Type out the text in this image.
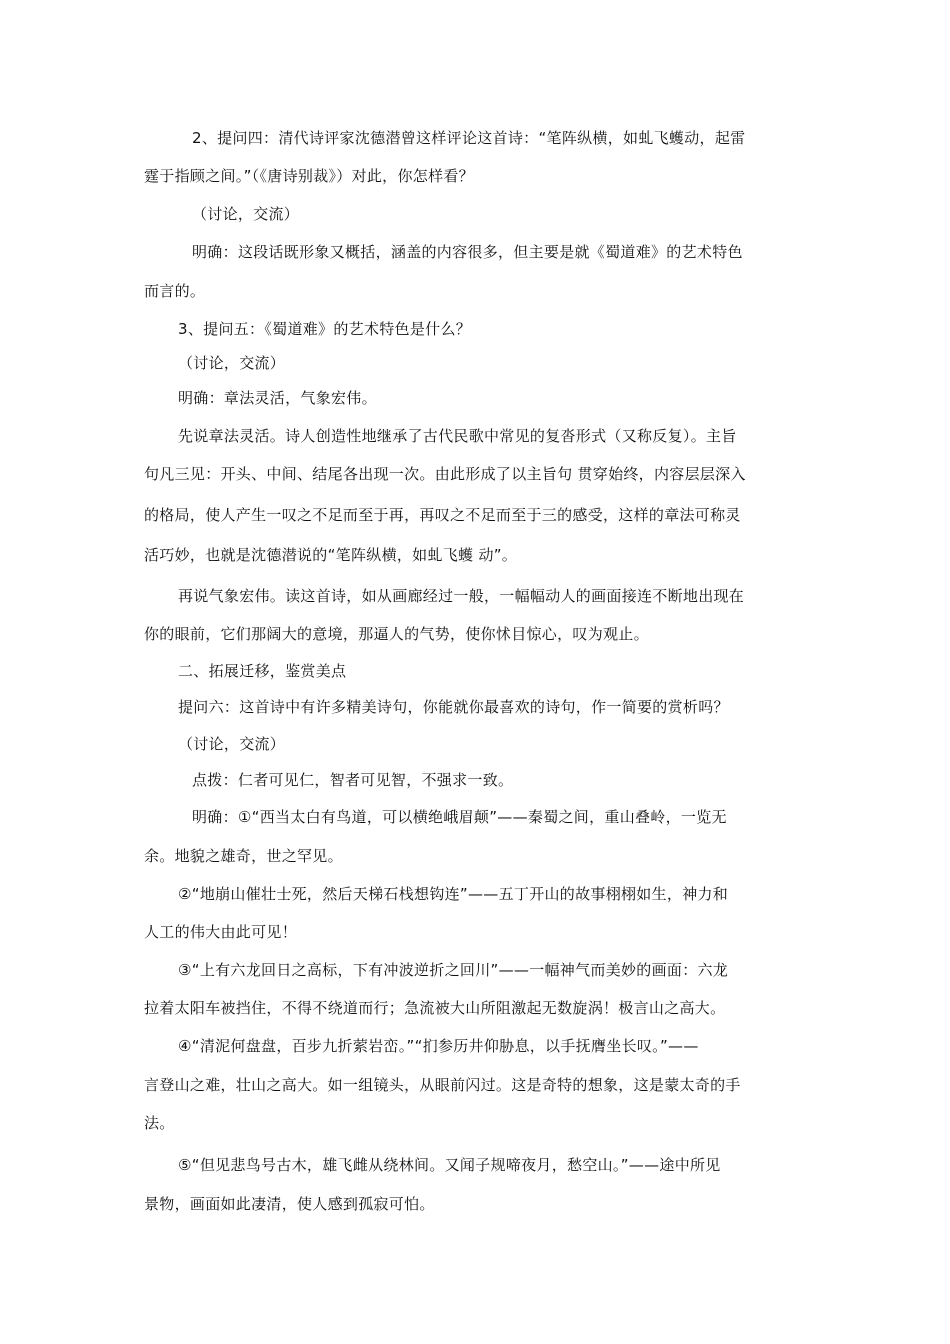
2、提问四：清代诗评家沈德潜曾这样评论这首诗：“笔阵纵横，如虬飞蠖动，起雷
霆于指顾之间。”（《唐诗别裁》）对此，你怎样看？
（讨论，交流）
明确：这段话既形象又概括，涵盖的内容很多，但主要是就《蜀道难》的艺术特色
而言的。
3、提问五：《蜀道难》的艺术特色是什么？
（讨论，交流）
明确：章法灵活，气象宏伟。
先说章法灵活。诗人创造性地继承了古代民歌中常见的复沓形式（又称反复）。主旨
句凡三见：开头、中间、结尾各出现一次。由此形成了以主旨句 贯穿始终，内容层层深入
的格局，使人产生一叹之不足而至于再，再叹之不足而至于三的感受，这样的章法可称灵
活巧妙，也就是沈德潜说的“笔阵纵横，如虬飞蠖 动”。
再说气象宏伟。读这首诗，如从画廊经过一般，一幅幅动人的画面接连不断地出现在
你的眼前，它们那阔大的意境，那逼人的气势，使你怵目惊心，叹为观止。
二、拓展迁移，鉴赏美点
提问六：这首诗中有许多精美诗句，你能就你最喜欢的诗句，作一简要的赏析吗？
（讨论，交流）
点拨：仁者可见仁，智者可见智，不强求一致。
明确：①“西当太白有鸟道，可以横绝峨眉颠”——秦蜀之间，重山叠岭，一览无
余。地貌之雄奇，世之罕见。
②“地崩山催壮士死，然后天梯石栈想钩连”——五丁开山的故事栩栩如生，神力和
人工的伟大由此可见！
③“上有六龙回日之高标，下有冲波逆折之回川”——一幅神气而美妙的画面：六龙
拉着太阳车被挡住，不得不绕道而行；急流被大山所阻激起无数旋涡！极言山之高大。
④“清泥何盘盘，百步九折萦岩峦。”“扪参历井仰胁息，以手抚膺坐长叹。”——
言登山之难，壮山之高大。如一组镜头，从眼前闪过。这是奇特的想象，这是蒙太奇的手
法。
⑤“但见悲鸟号古木，雄飞雌从绕林间。又闻子规啼夜月，愁空山。”——途中所见
景物，画面如此凄清，使人感到孤寂可怕。
